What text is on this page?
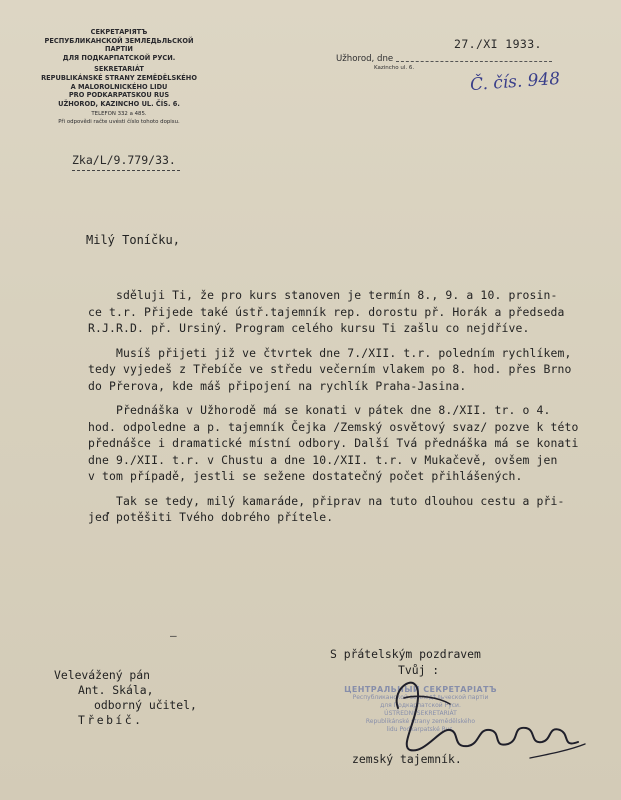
СЕКРЕТАРІЯТЪ
РЕСПУБЛИКАНСКОЙ ЗЕМЛЕДЬЛЬСКОЙ
ПАРТІИ
ДЛЯ ПОДКАРПАТСКОЙ РУСИ.
SEKRETARIÁT
REPUBLIKÁNSKÉ STRANY ZEMĚDĚLSKÉHO
A MALOROLNICKÉHO LIDU
PRO PODKARPATSKOU RUS
UŽHOROD, KAZINCHO UL. ČÍS. 6.
TELEFON 332 a 485.
Při odpovědi račte uvésti číslo tohoto dopisu.
Užhorod, dne
Kazincho ul. 6.
27./XI 1933.
Č. čís. 948
Zka/L/9.779/33.
Milý Toníčku,

sděluji Ti, že pro kurs stanoven je termín 8., 9. a 10. prosin-
ce t.r. Přijede také ústř.tajemník rep. dorostu př. Horák a předseda
R.J.R.D. př. Ursiný. Program celého kursu Ti zašlu co nejdříve.

Musíš přijeti již ve čtvrtek dne 7./XII. t.r. poledním rychlíkem,
tedy vyjedeš z Třebíče ve středu večerním vlakem po 8. hod. přes Brno
do Přerova, kde máš připojení na rychlík Praha-Jasina.

Přednáška v Užhorodě má se konati v pátek dne 8./XII. tr. o 4.
hod. odpoledne a p. tajemník Čejka /Zemský osvětový svaz/ pozve k této
přednášce i dramatické místní odbory. Další Tvá přednáška má se konati
dne 9./XII. t.r. v Chustu a dne 10./XII. t.r. v Mukačevě, ovšem jen
v tom případě, jestli se sežene dostatečný počet přihlášených.

Tak se tedy, milý kamaráde, připrav na tuto dlouhou cestu a při-
jeď potěšiti Tvého dobrého přítele.

–
S přátelským pozdravem
Tvůj :
Velevážený pán
Ant. Skála,
odborný učitel,
Třebíč.
ЦЕНТРАЛЬНЫЙ СЕКРЕТАРІАТЪ
Республиканской земледѣльческой партіи
для Подкарпатской Руси.
ÚSTŘEDNÍ SEKRETARIÁT
Republikánské strany zemědělského
lidu Podkarpatské Rus.
zemský tajemník.
